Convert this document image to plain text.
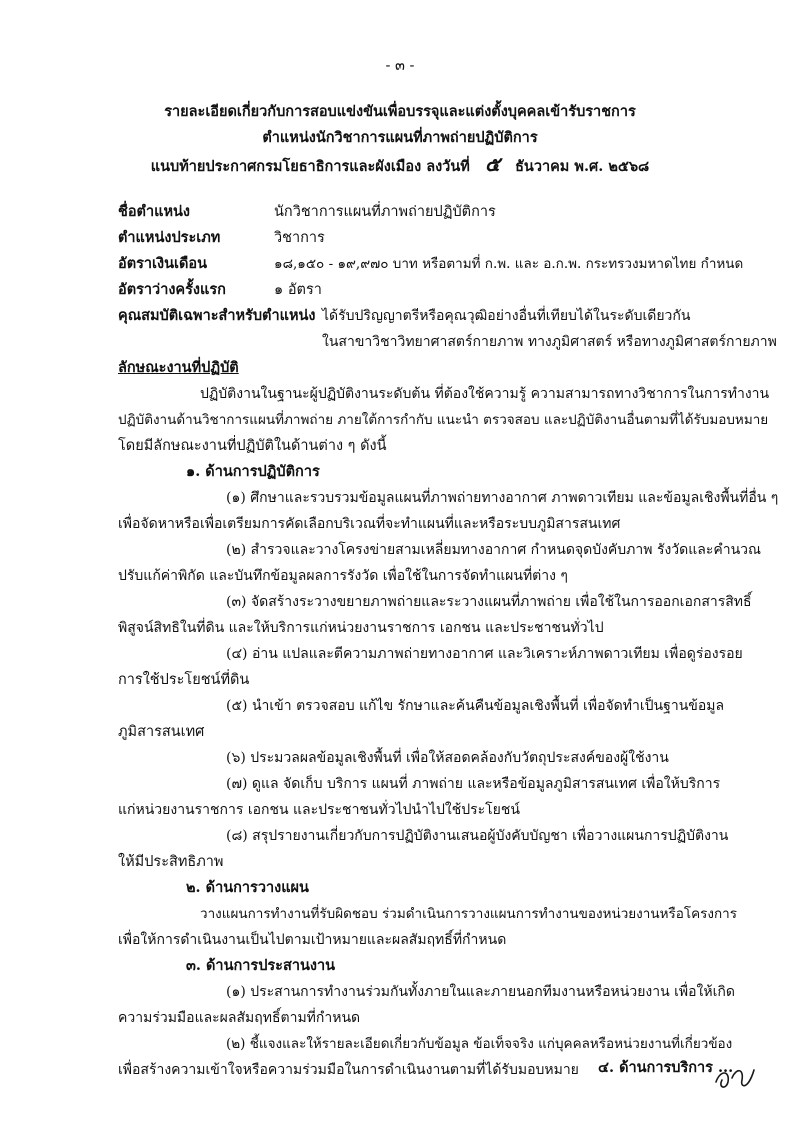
- ๓ -
รายละเอียดเกี่ยวกับการสอบแข่งขันเพื่อบรรจุและแต่งตั้งบุคคลเข้ารับราชการ
ตำแหน่งนักวิชาการแผนที่ภาพถ่ายปฏิบัติการ
แนบท้ายประกาศกรมโยธาธิการและผังเมือง ลงวันที่ ๕ ธันวาคม พ.ศ. ๒๕๖๘
ชื่อตำแหน่ง	นักวิชาการแผนที่ภาพถ่ายปฏิบัติการ
ตำแหน่งประเภท	วิชาการ
อัตราเงินเดือน	๑๘,๑๕๐ - ๑๙,๙๗๐ บาท หรือตามที่ ก.พ. และ อ.ก.พ. กระทรวงมหาดไทย กำหนด
อัตราว่างครั้งแรก	๑ อัตรา
คุณสมบัติเฉพาะสำหรับตำแหน่ง ได้รับปริญญาตรีหรือคุณวุฒิอย่างอื่นที่เทียบได้ในระดับเดียวกัน
ในสาขาวิชาวิทยาศาสตร์กายภาพ ทางภูมิศาสตร์ หรือทางภูมิศาสตร์กายภาพ
ลักษณะงานที่ปฏิบัติ
ปฏิบัติงานในฐานะผู้ปฏิบัติงานระดับต้น ที่ต้องใช้ความรู้ ความสามารถทางวิชาการในการทำงาน
ปฏิบัติงานด้านวิชาการแผนที่ภาพถ่าย ภายใต้การกำกับ แนะนำ ตรวจสอบ และปฏิบัติงานอื่นตามที่ได้รับมอบหมาย
โดยมีลักษณะงานที่ปฏิบัติในด้านต่าง ๆ ดังนี้
๑. ด้านการปฏิบัติการ
(๑) ศึกษาและรวบรวมข้อมูลแผนที่ภาพถ่ายทางอากาศ ภาพดาวเทียม และข้อมูลเชิงพื้นที่อื่น ๆ
เพื่อจัดหาหรือเพื่อเตรียมการคัดเลือกบริเวณที่จะทำแผนที่และหรือระบบภูมิสารสนเทศ
(๒) สำรวจและวางโครงข่ายสามเหลี่ยมทางอากาศ กำหนดจุดบังคับภาพ รังวัดและคำนวณ
ปรับแก้ค่าพิกัด และบันทึกข้อมูลผลการรังวัด เพื่อใช้ในการจัดทำแผนที่ต่าง ๆ
(๓) จัดสร้างระวางขยายภาพถ่ายและระวางแผนที่ภาพถ่าย เพื่อใช้ในการออกเอกสารสิทธิ์
พิสูจน์สิทธิในที่ดิน และให้บริการแก่หน่วยงานราชการ เอกชน และประชาชนทั่วไป
(๔) อ่าน แปลและตีความภาพถ่ายทางอากาศ และวิเคราะห์ภาพดาวเทียม เพื่อดูร่องรอย
การใช้ประโยชน์ที่ดิน
(๕) นำเข้า ตรวจสอบ แก้ไข รักษาและค้นคืนข้อมูลเชิงพื้นที่ เพื่อจัดทำเป็นฐานข้อมูล
ภูมิสารสนเทศ
(๖) ประมวลผลข้อมูลเชิงพื้นที่ เพื่อให้สอดคล้องกับวัตถุประสงค์ของผู้ใช้งาน
(๗) ดูแล จัดเก็บ บริการ แผนที่ ภาพถ่าย และหรือข้อมูลภูมิสารสนเทศ เพื่อให้บริการ
แก่หน่วยงานราชการ เอกชน และประชาชนทั่วไปนำไปใช้ประโยชน์
(๘) สรุปรายงานเกี่ยวกับการปฏิบัติงานเสนอผู้บังคับบัญชา เพื่อวางแผนการปฏิบัติงาน
ให้มีประสิทธิภาพ
๒. ด้านการวางแผน
วางแผนการทำงานที่รับผิดชอบ ร่วมดำเนินการวางแผนการทำงานของหน่วยงานหรือโครงการ
เพื่อให้การดำเนินงานเป็นไปตามเป้าหมายและผลสัมฤทธิ์ที่กำหนด
๓. ด้านการประสานงาน
(๑) ประสานการทำงานร่วมกันทั้งภายในและภายนอกทีมงานหรือหน่วยงาน เพื่อให้เกิด
ความร่วมมือและผลสัมฤทธิ์ตามที่กำหนด
(๒) ชี้แจงและให้รายละเอียดเกี่ยวกับข้อมูล ข้อเท็จจริง แก่บุคคลหรือหน่วยงานที่เกี่ยวข้อง
เพื่อสร้างความเข้าใจหรือความร่วมมือในการดำเนินงานตามที่ได้รับมอบหมาย ๔. ด้านการบริการ ...
